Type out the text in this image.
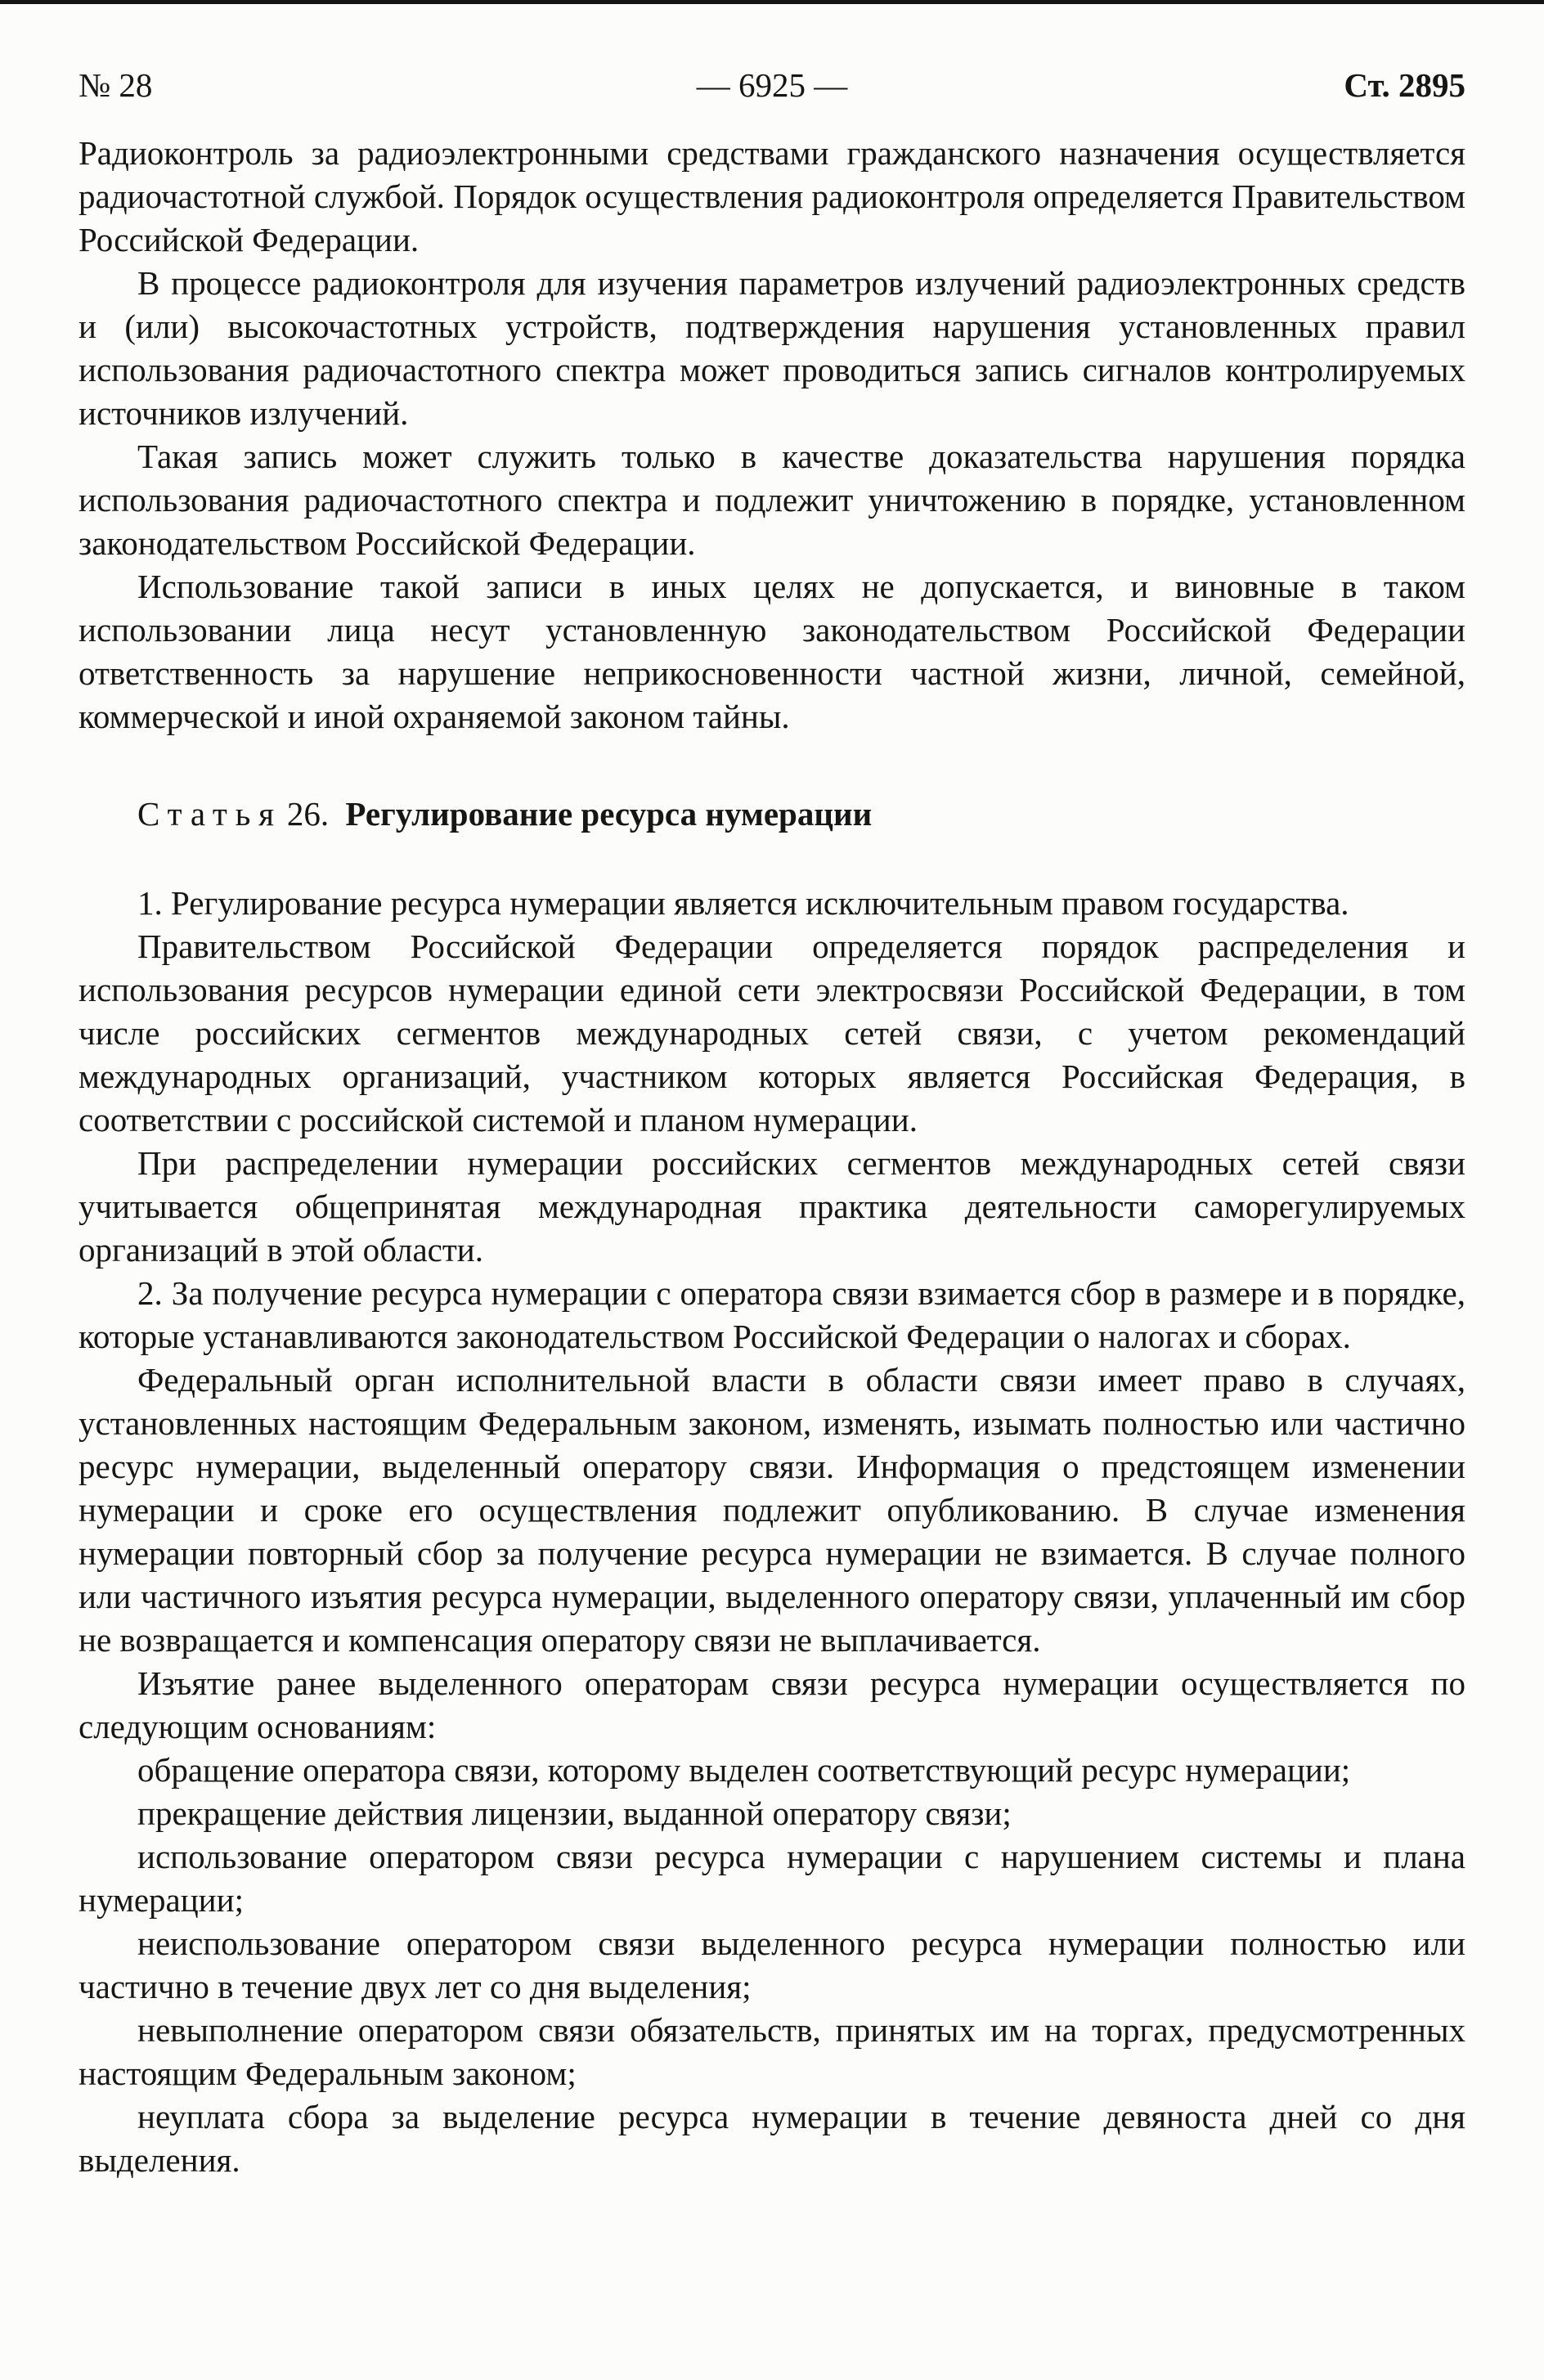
№ 28	— 6925 —	Ст. 2895

Радиоконтроль за радиоэлектронными средствами гражданского назначения осуществляется радиочастотной службой. Порядок осуществления радиоконтроля определяется Правительством Российской Федерации.

В процессе радиоконтроля для изучения параметров излучений радиоэлектронных средств и (или) высокочастотных устройств, подтверждения нарушения установленных правил использования радиочастотного спектра может проводиться запись сигналов контролируемых источников излучений.

Такая запись может служить только в качестве доказательства нарушения порядка использования радиочастотного спектра и подлежит уничтожению в порядке, установленном законодательством Российской Федерации.

Использование такой записи в иных целях не допускается, и виновные в таком использовании лица несут установленную законодательством Российской Федерации ответственность за нарушение неприкосновенности частной жизни, личной, семейной, коммерческой и иной охраняемой законом тайны.

Статья 26. Регулирование ресурса нумерации

1. Регулирование ресурса нумерации является исключительным правом государства.

Правительством Российской Федерации определяется порядок распределения и использования ресурсов нумерации единой сети электросвязи Российской Федерации, в том числе российских сегментов международных сетей связи, с учетом рекомендаций международных организаций, участником которых является Российская Федерация, в соответствии с российской системой и планом нумерации.

При распределении нумерации российских сегментов международных сетей связи учитывается общепринятая международная практика деятельности саморегулируемых организаций в этой области.

2. За получение ресурса нумерации с оператора связи взимается сбор в размере и в порядке, которые устанавливаются законодательством Российской Федерации о налогах и сборах.

Федеральный орган исполнительной власти в области связи имеет право в случаях, установленных настоящим Федеральным законом, изменять, изымать полностью или частично ресурс нумерации, выделенный оператору связи. Информация о предстоящем изменении нумерации и сроке его осуществления подлежит опубликованию. В случае изменения нумерации повторный сбор за получение ресурса нумерации не взимается. В случае полного или частичного изъятия ресурса нумерации, выделенного оператору связи, уплаченный им сбор не возвращается и компенсация оператору связи не выплачивается.

Изъятие ранее выделенного операторам связи ресурса нумерации осуществляется по следующим основаниям:

обращение оператора связи, которому выделен соответствующий ресурс нумерации;

прекращение действия лицензии, выданной оператору связи;

использование оператором связи ресурса нумерации с нарушением системы и плана нумерации;

неиспользование оператором связи выделенного ресурса нумерации полностью или частично в течение двух лет со дня выделения;

невыполнение оператором связи обязательств, принятых им на торгах, предусмотренных настоящим Федеральным законом;

неуплата сбора за выделение ресурса нумерации в течение девяноста дней со дня выделения.
